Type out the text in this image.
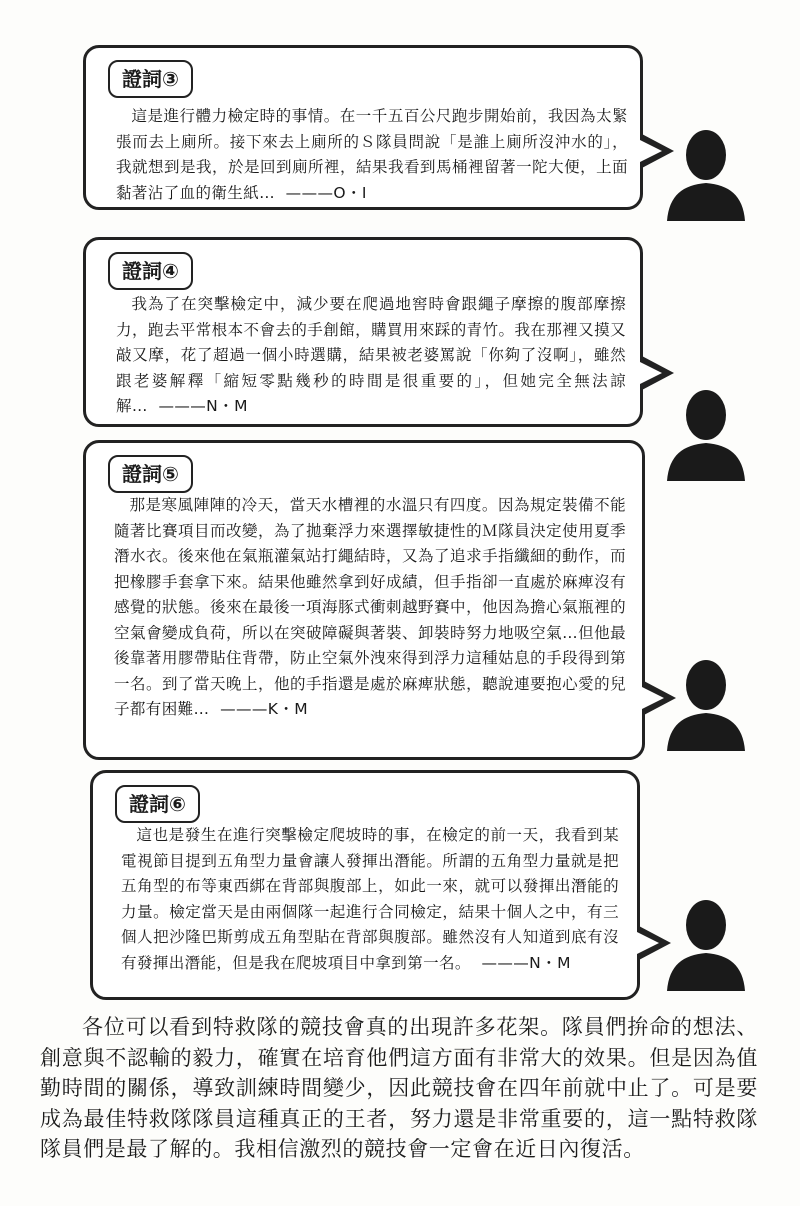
證詞③
這是進行體力檢定時的事情。在一千五百公尺跑步開始前，我因為太緊張而去上廁所。接下來去上廁所的Ｓ隊員問說「是誰上廁所沒沖水的」，我就想到是我，於是回到廁所裡，結果我看到馬桶裡留著一陀大便，上面黏著沾了血的衛生紙… ———O・I
證詞④
我為了在突擊檢定中，減少要在爬過地窖時會跟繩子摩擦的腹部摩擦力，跑去平常根本不會去的手創館，購買用來踩的青竹。我在那裡又摸又敲又摩，花了超過一個小時選購，結果被老婆罵說「你夠了沒啊」，雖然跟老婆解釋「縮短零點幾秒的時間是很重要的」，但她完全無法諒解… ———N・M
證詞⑤
那是寒風陣陣的冷天，當天水槽裡的水溫只有四度。因為規定裝備不能隨著比賽項目而改變，為了拋棄浮力來選擇敏捷性的Ｍ隊員決定使用夏季潛水衣。後來他在氣瓶灌氣站打繩結時，又為了追求手指纖細的動作，而把橡膠手套拿下來。結果他雖然拿到好成績，但手指卻一直處於麻痺沒有感覺的狀態。後來在最後一項海豚式衝刺越野賽中，他因為擔心氣瓶裡的空氣會變成負荷，所以在突破障礙與著裝、卸裝時努力地吸空氣…但他最後靠著用膠帶貼住背帶，防止空氣外洩來得到浮力這種姑息的手段得到第一名。到了當天晚上，他的手指還是處於麻痺狀態，聽說連要抱心愛的兒子都有困難… ———K・M
證詞⑥
這也是發生在進行突擊檢定爬坡時的事，在檢定的前一天，我看到某電視節目提到五角型力量會讓人發揮出潛能。所謂的五角型力量就是把五角型的布等東西綁在背部與腹部上，如此一來，就可以發揮出潛能的力量。檢定當天是由兩個隊一起進行合同檢定，結果十個人之中，有三個人把沙隆巴斯剪成五角型貼在背部與腹部。雖然沒有人知道到底有沒有發揮出潛能，但是我在爬坡項目中拿到第一名。 ———N・M
各位可以看到特救隊的競技會真的出現許多花架。隊員們拚命的想法、創意與不認輸的毅力，確實在培育他們這方面有非常大的效果。但是因為值勤時間的關係，導致訓練時間變少，因此競技會在四年前就中止了。可是要成為最佳特救隊隊員這種真正的王者，努力還是非常重要的，這一點特救隊隊員們是最了解的。我相信激烈的競技會一定會在近日內復活。
